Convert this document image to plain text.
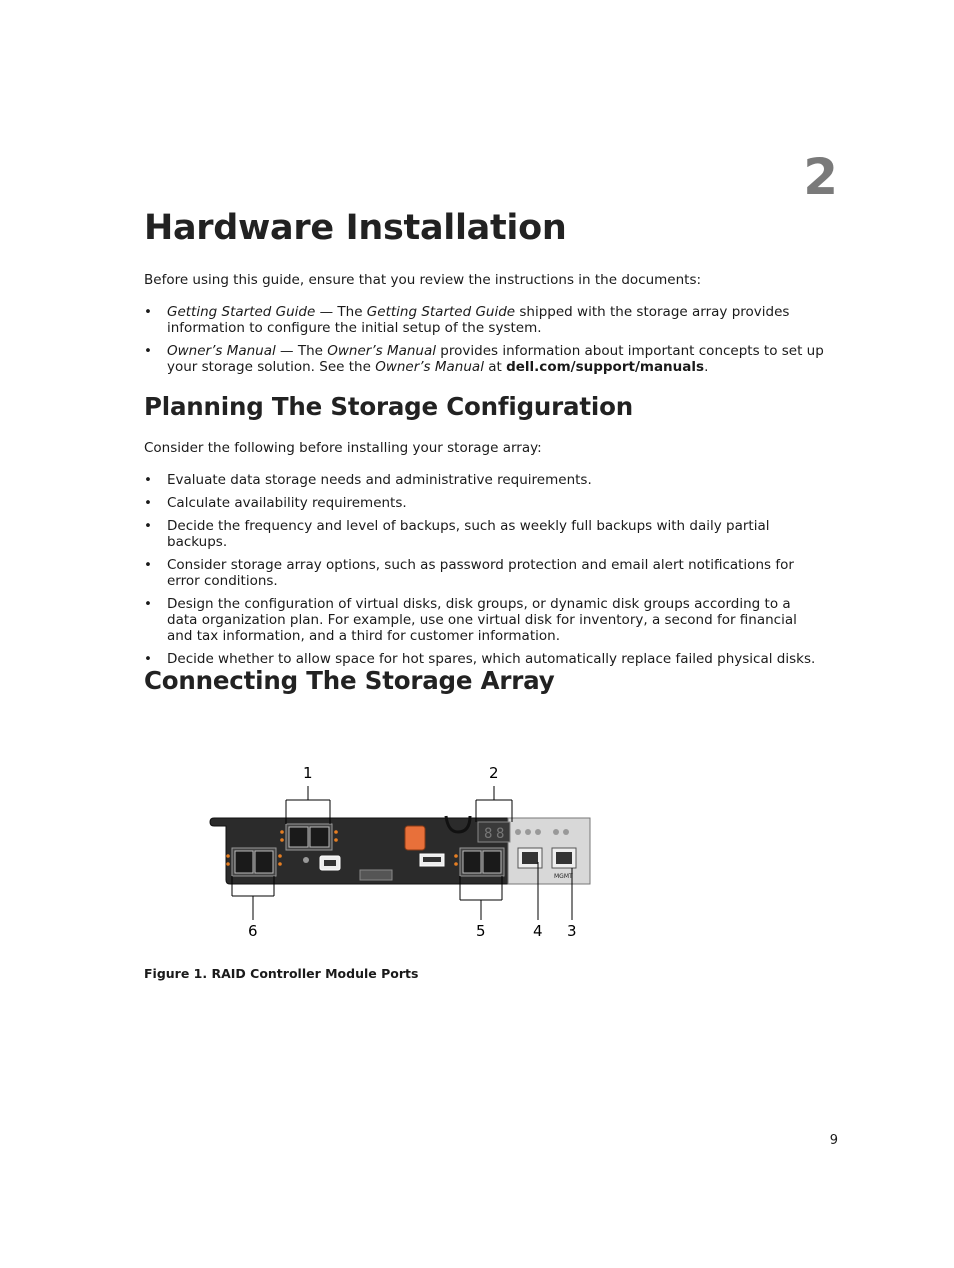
2
Hardware Installation

Before using this guide, ensure that you review the instructions in the documents:

• Getting Started Guide — The Getting Started Guide shipped with the storage array provides information to configure the initial setup of the system.
• Owner’s Manual — The Owner’s Manual provides information about important concepts to set up your storage solution. See the Owner’s Manual at dell.com/support/manuals.
Planning The Storage Configuration

Consider the following before installing your storage array:

• Evaluate data storage needs and administrative requirements.
• Calculate availability requirements.
• Decide the frequency and level of backups, such as weekly full backups with daily partial backups.
• Consider storage array options, such as password protection and email alert notifications for error conditions.
• Design the configuration of virtual disks, disk groups, or dynamic disk groups according to a data organization plan. For example, use one virtual disk for inventory, a second for financial and tax information, and a third for customer information.
• Decide whether to allow space for hot spares, which automatically replace failed physical disks.
Connecting The Storage Array
8 8
MGMT
1	2
3
4
5
6
Figure 1. RAID Controller Module Ports
9
